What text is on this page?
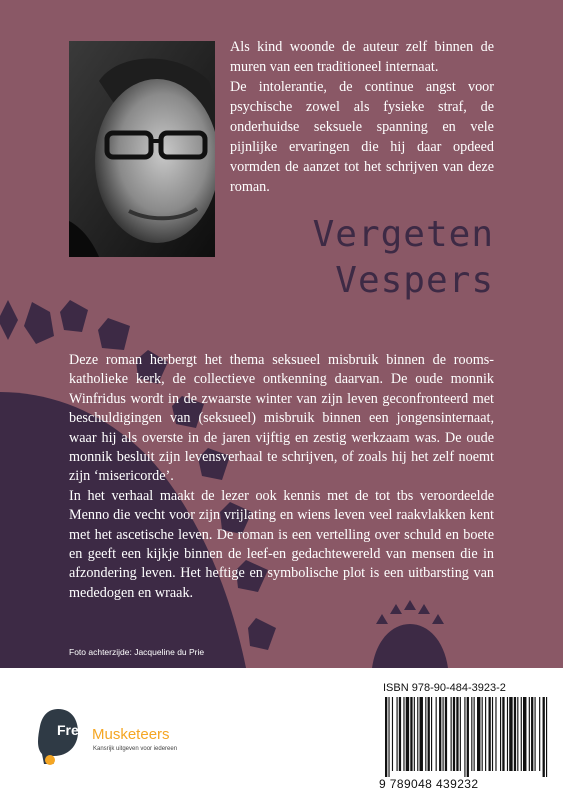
Als kind woonde de auteur zelf binnen de muren van een traditioneel internaat.

De intolerantie, de continue angst voor psychische zowel als fysieke straf, de onderhuidse seksuele spanning en vele pijnlijke ervaringen die hij daar opdeed vormden de aanzet tot het schrijven van deze roman.

Vergeten
Vespers

Deze roman herbergt het thema seksueel misbruik binnen de rooms-katholieke kerk, de collectieve ontkenning daarvan. De oude monnik Winfridus wordt in de zwaarste winter van zijn leven geconfronteerd met beschuldigingen van (seksueel) misbruik binnen een jongensinternaat, waar hij als overste in de jaren vijftig en zestig werkzaam was. De oude monnik besluit zijn levensverhaal te schrijven, of zoals hij het zelf noemt zijn ‘misericorde’.

In het verhaal maakt de lezer ook kennis met de tot tbs veroordeelde Menno die vecht voor zijn vrijlating en wiens leven veel raakvlakken kent met het ascetische leven. De roman is een vertelling over schuld en boete en geeft een kijkje binnen de leef-en gedachtewereld van mensen die in afzondering leven. Het heftige en symbolische plot is een uitbarsting van mededogen en wraak.

Foto achterzijde: Jacqueline du Prie
Free Musketeers
Kansrijk uitgeven voor iedereen
ISBN 978-90-484-3923-2
9 789048 439232
